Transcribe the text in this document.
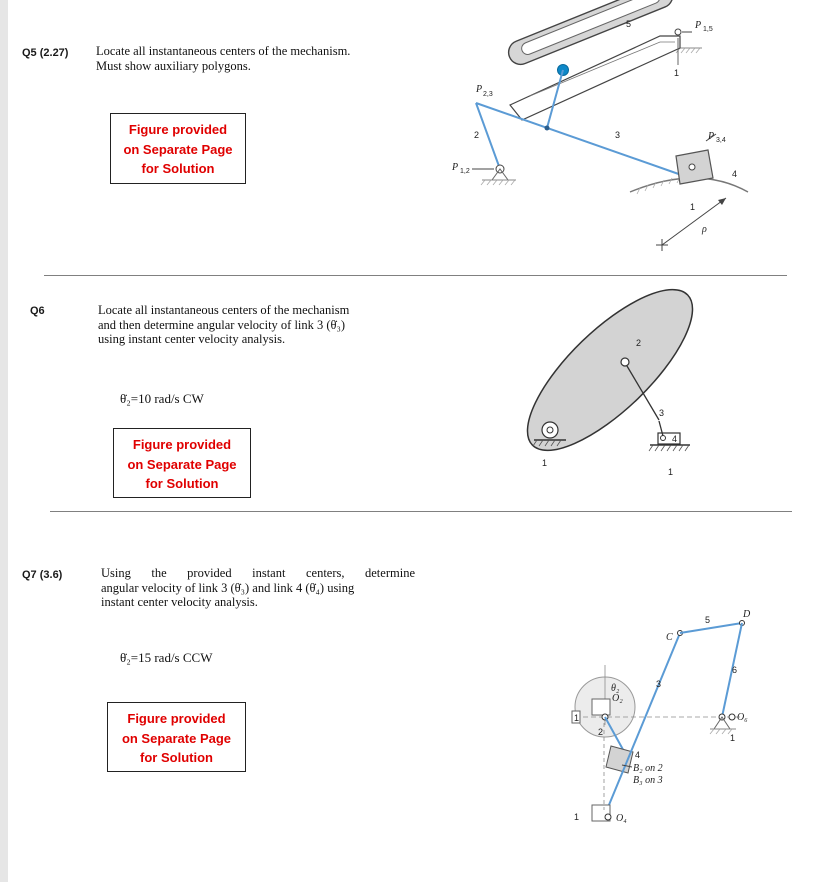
Q5 (2.27) Locate all instantaneous centers of the mechanism.
Must show auxiliary polygons.
Figure provided
on Separate Page
for Solution
P 1,5
5
1
P 2,3
2	3
P 1,2
P 3,4
4
1
ρ
Q6	Locate all instantaneous centers of the mechanism
and then determine angular velocity of link 3 (θ̇₃)
using instant center velocity analysis.
θ̇₂=10 rad/s CW
Figure provided
on Separate Page
for Solution
1
2
3
4
1
Q7 (3.6)	Using the provided instant centers, determine
angular velocity of link 3 (θ̇₃) and link 4 (θ̇₄) using
instant center velocity analysis.
θ̇₂=15 rad/s CCW
Figure provided
on Separate Page
for Solution
1
O₂
θ₂
2
4
3
C
5	D
6
O₆
1
O₄
1
B₂ on 2
B₃ on 3
